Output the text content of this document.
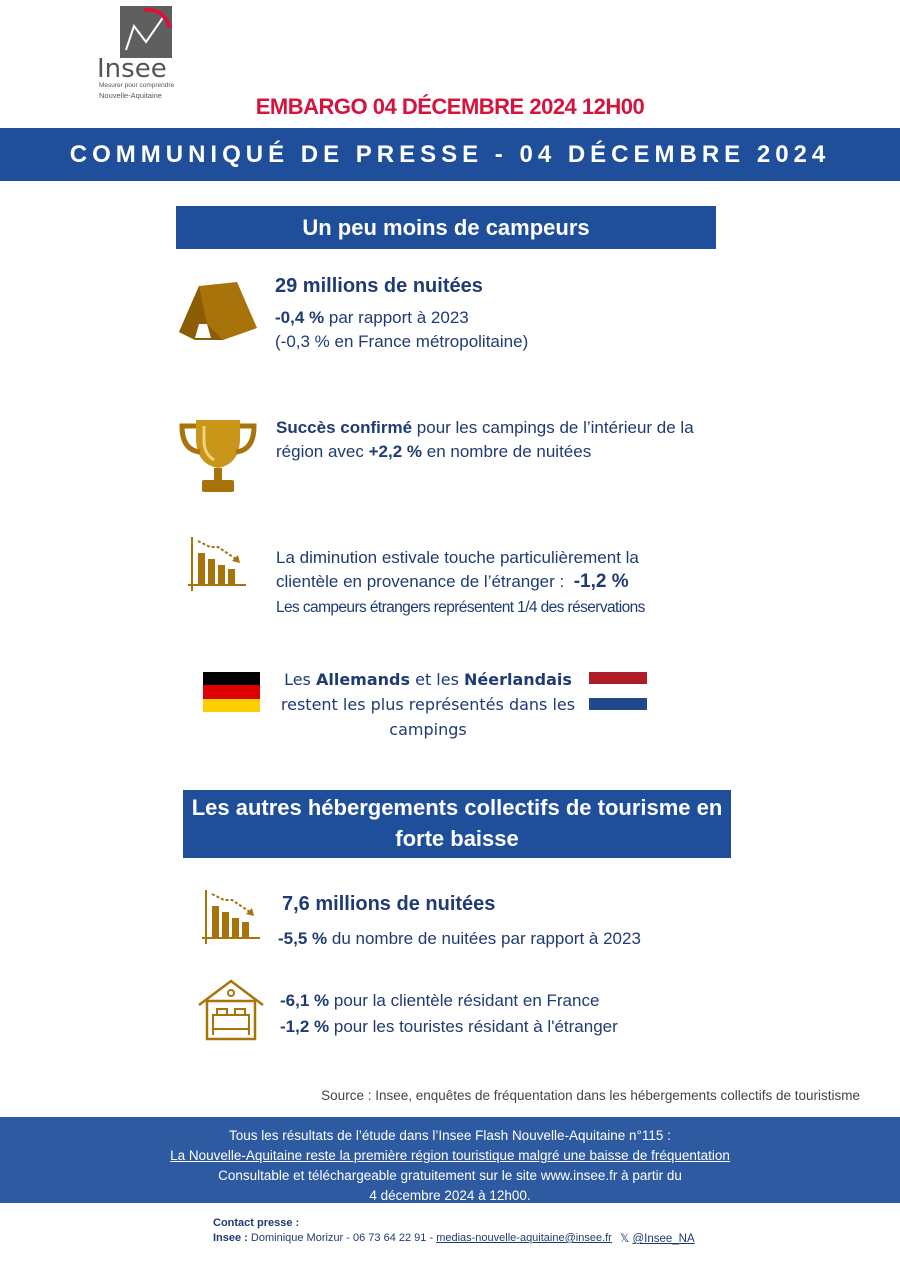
Insee
Mesurer pour comprendre
Nouvelle-Aquitaine	EMBARGO 04 DÉCEMBRE 2024 12H00
COMMUNIQUÉ DE PRESSE - 04 DÉCEMBRE 2024
Un peu moins de campeurs
29 millions de nuitées
-0,4 % par rapport à 2023
(-0,3 % en France métropolitaine)
Succès confirmé pour les campings de l’intérieur de la région avec +2,2 % en nombre de nuitées
La diminution estivale touche particulièrement la clientèle en provenance de l’étranger : -1,2 %
Les campeurs étrangers représentent 1/4 des réservations
Les Allemands et les Néerlandais restent les plus représentés dans les campings
Les autres hébergements collectifs de tourisme en forte baisse
7,6 millions de nuitées
-5,5 % du nombre de nuitées par rapport à 2023
-6,1 % pour la clientèle résidant en France
-1,2 % pour les touristes résidant à l'étranger
Source : Insee, enquêtes de fréquentation dans les hébergements collectifs de touristisme
Tous les résultats de l’étude dans l’Insee Flash Nouvelle-Aquitaine n°115 :
La Nouvelle-Aquitaine reste la première région touristique malgré une baisse de fréquentation
Consultable et téléchargeable gratuitement sur le site www.insee.fr à partir du
4 décembre 2024 à 12h00.
Contact presse :
Insee : Dominique Morizur - 06 73 64 22 91 - medias-nouvelle-aquitaine@insee.fr 𝕏 @Insee_NA
